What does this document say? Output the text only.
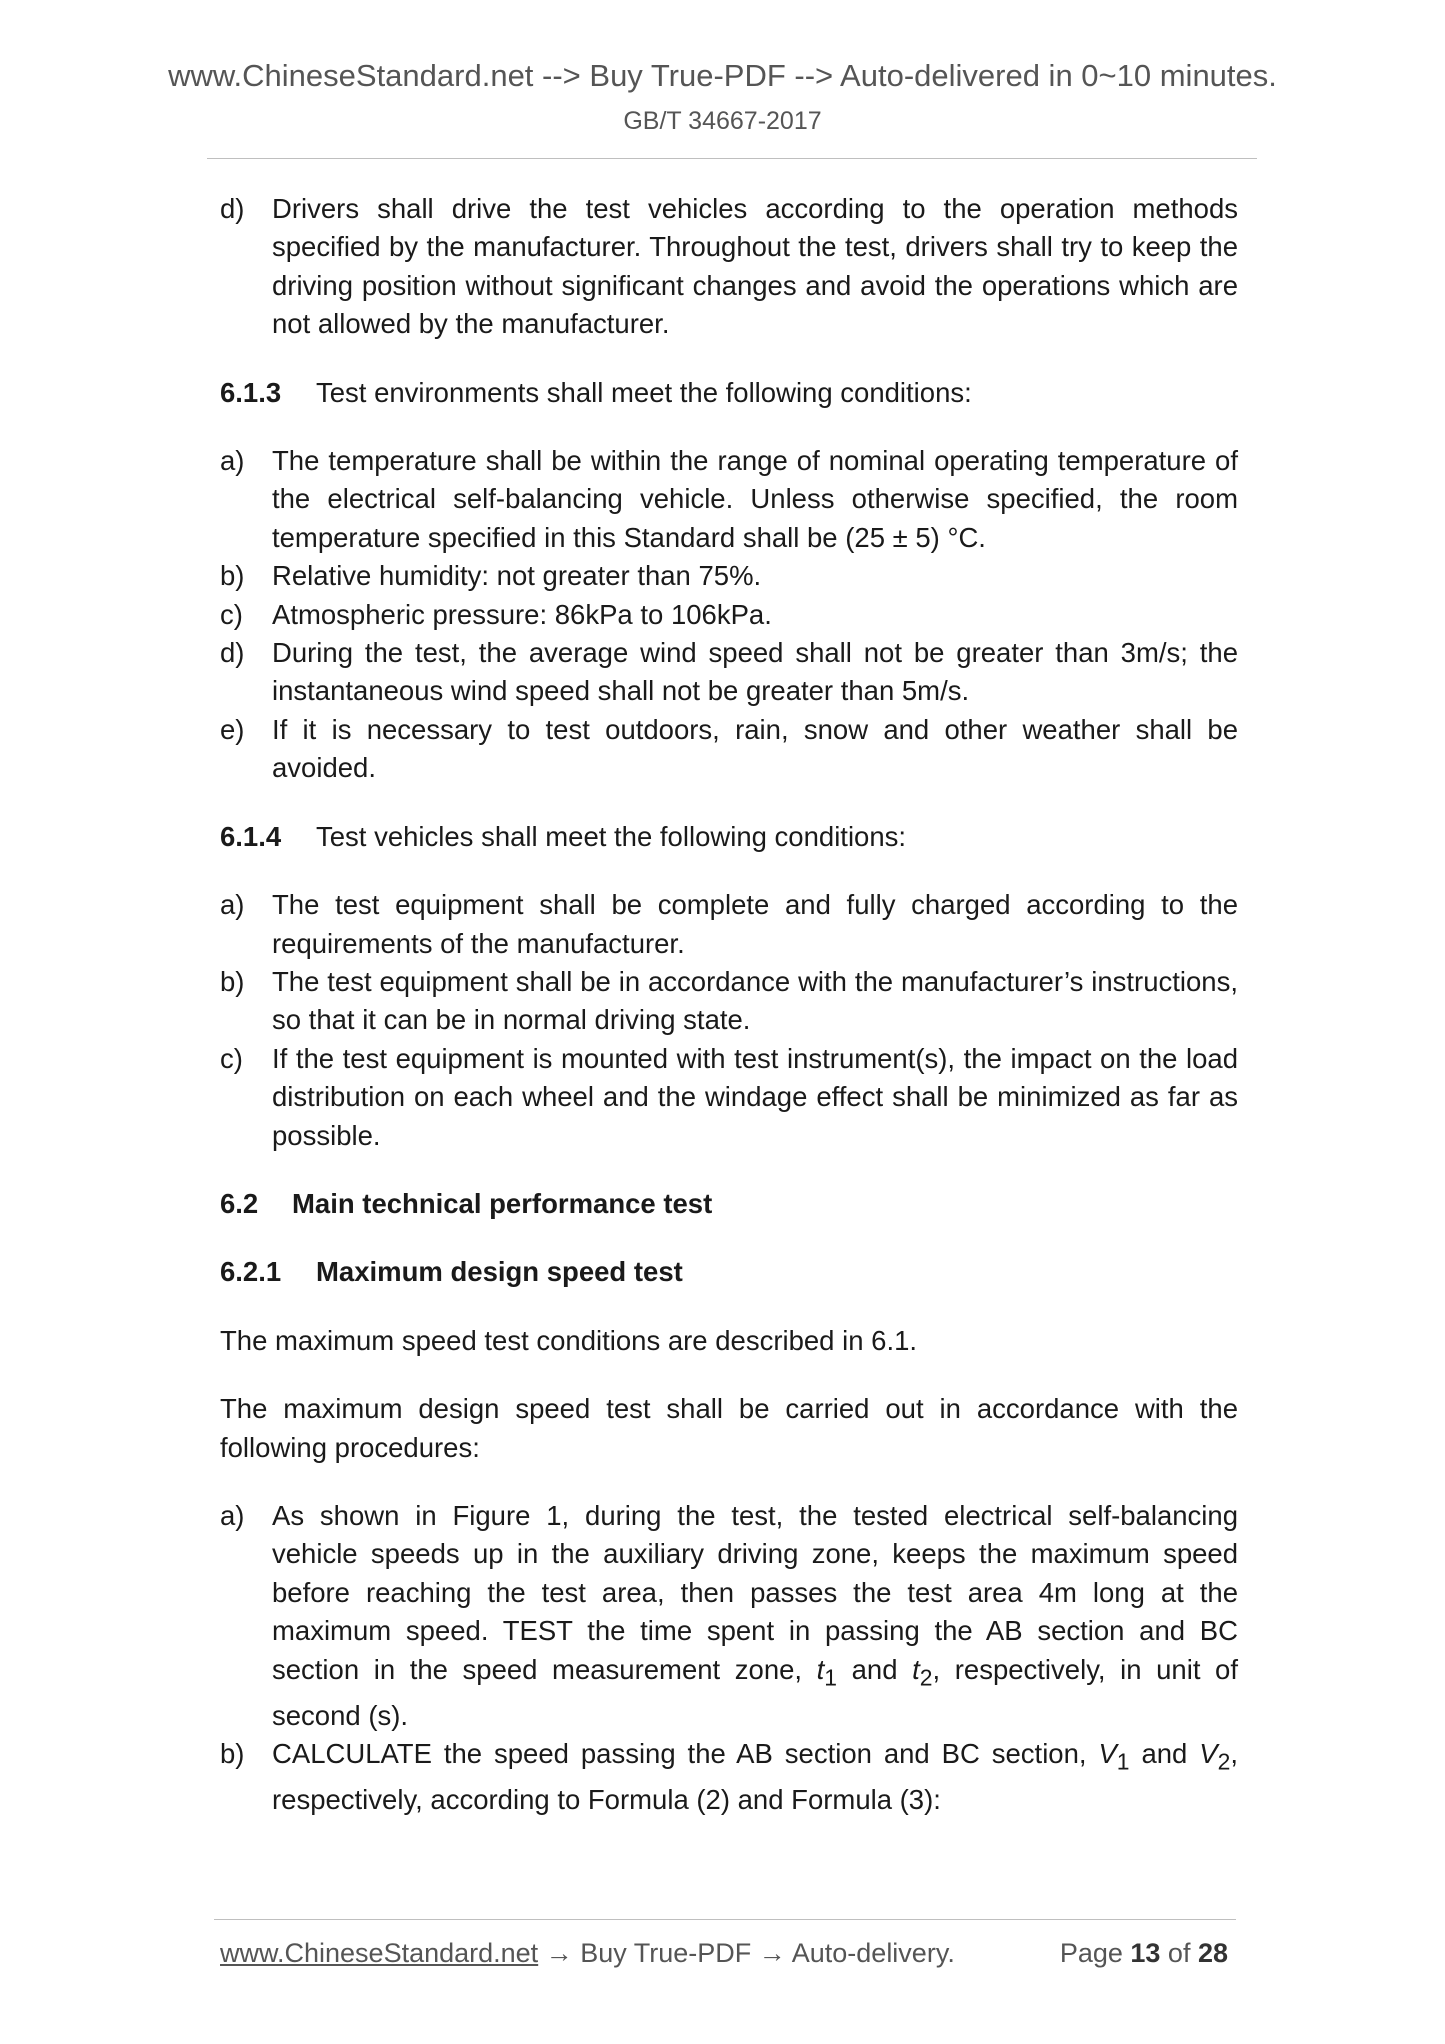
www.ChineseStandard.net --> Buy True-PDF --> Auto-delivered in 0~10 minutes.
GB/T 34667-2017
d) Drivers shall drive the test vehicles according to the operation methods specified by the manufacturer. Throughout the test, drivers shall try to keep the driving position without significant changes and avoid the operations which are not allowed by the manufacturer.
6.1.3 Test environments shall meet the following conditions:
a) The temperature shall be within the range of nominal operating temperature of the electrical self-balancing vehicle. Unless otherwise specified, the room temperature specified in this Standard shall be (25 ± 5) °C.
b) Relative humidity: not greater than 75%.
c) Atmospheric pressure: 86kPa to 106kPa.
d) During the test, the average wind speed shall not be greater than 3m/s; the instantaneous wind speed shall not be greater than 5m/s.
e) If it is necessary to test outdoors, rain, snow and other weather shall be avoided.
6.1.4 Test vehicles shall meet the following conditions:
a) The test equipment shall be complete and fully charged according to the requirements of the manufacturer.
b) The test equipment shall be in accordance with the manufacturer’s instructions, so that it can be in normal driving state.
c) If the test equipment is mounted with test instrument(s), the impact on the load distribution on each wheel and the windage effect shall be minimized as far as possible.
6.2 Main technical performance test
6.2.1 Maximum design speed test
The maximum speed test conditions are described in 6.1.
The maximum design speed test shall be carried out in accordance with the following procedures:
a) As shown in Figure 1, during the test, the tested electrical self-balancing vehicle speeds up in the auxiliary driving zone, keeps the maximum speed before reaching the test area, then passes the test area 4m long at the maximum speed. TEST the time spent in passing the AB section and BC section in the speed measurement zone, $t_1$ and $t_2$, respectively, in unit of second (s).
b) CALCULATE the speed passing the AB section and BC section, $V_1$ and $V_2$, respectively, according to Formula (2) and Formula (3):
www.ChineseStandard.net → Buy True-PDF → Auto-delivery.	Page 13 of 28
